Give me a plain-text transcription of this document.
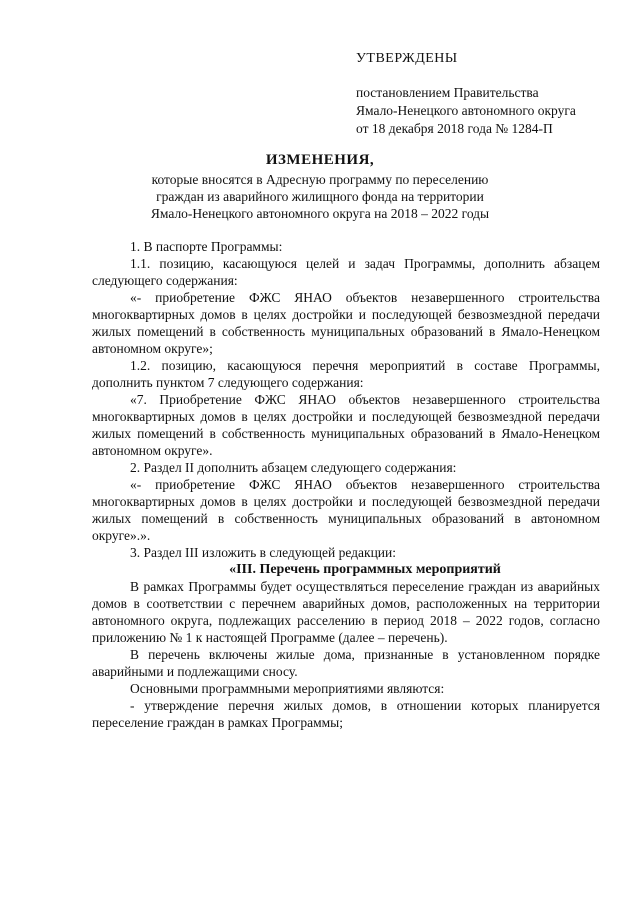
УТВЕРЖДЕНЫ
постановлением Правительства
Ямало-Ненецкого автономного округа
от 18 декабря 2018 года № 1284-П
ИЗМЕНЕНИЯ,
которые вносятся в Адресную программу по переселению
граждан из аварийного жилищного фонда на территории
Ямало-Ненецкого автономного округа на 2018 – 2022 годы

1. В паспорте Программы:

1.1. позицию, касающуюся целей и задач Программы, дополнить абзацем следующего содержания:

«- приобретение ФЖС ЯНАО объектов незавершенного строительства многоквартирных домов в целях достройки и последующей безвозмездной передачи жилых помещений в собственность муниципальных образований в Ямало-Ненецком автономном округе»;

1.2. позицию, касающуюся перечня мероприятий в составе Программы, дополнить пунктом 7 следующего содержания:

«7. Приобретение ФЖС ЯНАО объектов незавершенного строительства многоквартирных домов в целях достройки и последующей безвозмездной передачи жилых помещений в собственность муниципальных образований в Ямало-Ненецком автономном округе».

2. Раздел II дополнить абзацем следующего содержания:

«- приобретение ФЖС ЯНАО объектов незавершенного строительства многоквартирных домов в целях достройки и последующей безвозмездной передачи жилых помещений в собственность муниципальных образований в автономном округе».».

3. Раздел III изложить в следующей редакции:

«III. Перечень программных мероприятий

В рамках Программы будет осуществляться переселение граждан из аварийных домов в соответствии с перечнем аварийных домов, расположенных на территории автономного округа, подлежащих расселению в период 2018 – 2022 годов, согласно приложению № 1 к настоящей Программе (далее – перечень).

В перечень включены жилые дома, признанные в установленном порядке аварийными и подлежащими сносу.

Основными программными мероприятиями являются:

- утверждение перечня жилых домов, в отношении которых планируется переселение граждан в рамках Программы;
